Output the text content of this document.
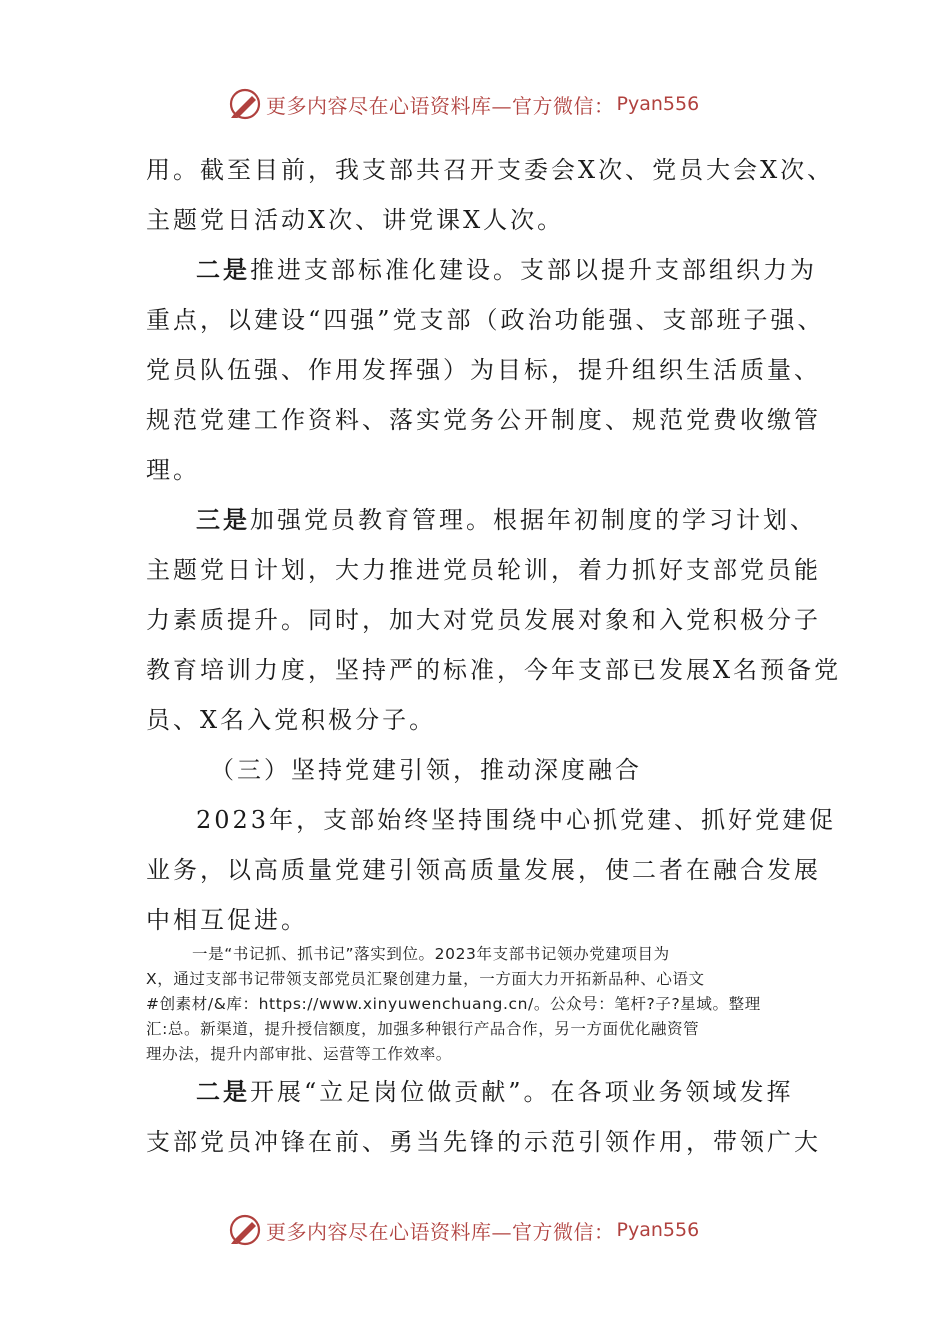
更多内容尽在心语资料库—官方微信： Pyan556

用。截至目前，我支部共召开支委会X次、党员大会X次、

主题党日活动X次、讲党课X人次。

二是推进支部标准化建设。支部以提升支部组织力为

重点，以建设“四强”党支部（政治功能强、支部班子强、

党员队伍强、作用发挥强）为目标，提升组织生活质量、

规范党建工作资料、落实党务公开制度、规范党费收缴管

理。

三是加强党员教育管理。根据年初制度的学习计划、

主题党日计划，大力推进党员轮训，着力抓好支部党员能

力素质提升。同时，加大对党员发展对象和入党积极分子

教育培训力度，坚持严的标准，今年支部已发展X名预备党

员、X名入党积极分子。

（三）坚持党建引领，推动深度融合

2023年，支部始终坚持围绕中心抓党建、抓好党建促

业务，以高质量党建引领高质量发展，使二者在融合发展

中相互促进。

一是“书记抓、抓书记”落实到位。2023年支部书记领办党建项目为

X，通过支部书记带领支部党员汇聚创建力量，一方面大力开拓新品种、心语文

#创素材/&库：https://www.xinyuwenchuang.cn/。公众号：笔杆?子?星域。整理

汇:总。新渠道，提升授信额度，加强多种银行产品合作，另一方面优化融资管

理办法，提升内部审批、运营等工作效率。

二是开展“立足岗位做贡献”。在各项业务领域发挥

支部党员冲锋在前、勇当先锋的示范引领作用，带领广大

更多内容尽在心语资料库—官方微信： Pyan556
